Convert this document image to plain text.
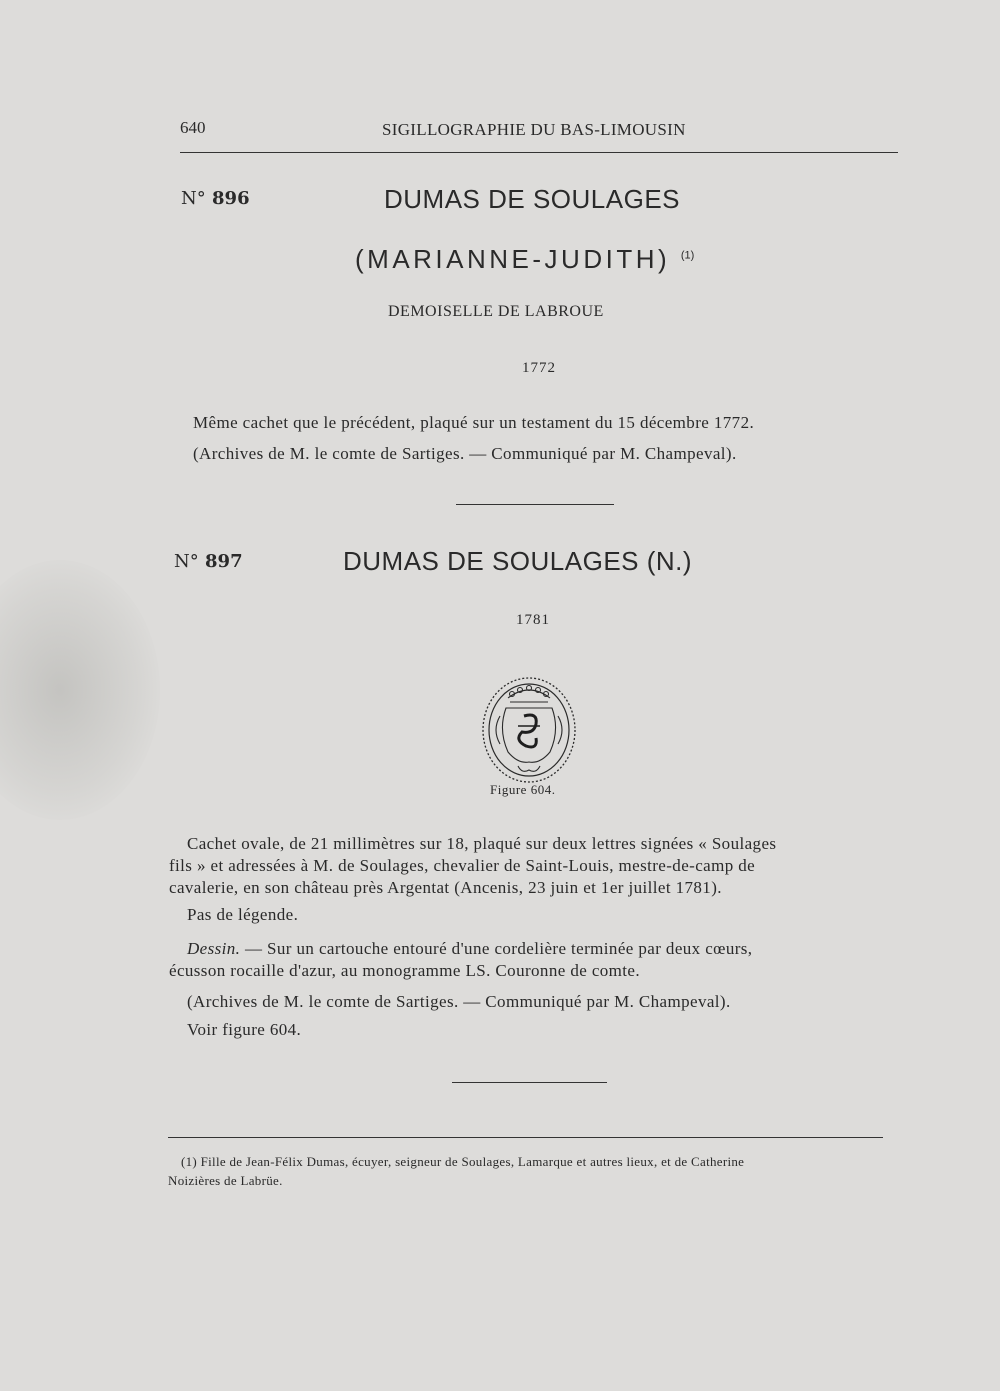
640	SIGILLOGRAPHIE DU BAS-LIMOUSIN
N° 896	DUMAS DE SOULAGES
(MARIANNE-JUDITH) $^{(1)}$
DEMOISELLE DE LABROUE
1772
Même cachet que le précédent, plaqué sur un testament du 15 décembre 1772.
(Archives de M. le comte de Sartiges. — Communiqué par M. Champeval).
N° 897	DUMAS DE SOULAGES (N.)
1781
Figure 604.
Cachet ovale, de 21 millimètres sur 18, plaqué sur deux lettres signées « Soulages
fils » et adressées à M. de Soulages, chevalier de Saint-Louis, mestre-de-camp de
cavalerie, en son château près Argentat (Ancenis, 23 juin et 1er juillet 1781).
Pas de légende.
Dessin. — Sur un cartouche entouré d'une cordelière terminée par deux cœurs,
écusson rocaille d'azur, au monogramme LS. Couronne de comte.
(Archives de M. le comte de Sartiges. — Communiqué par M. Champeval).
Voir figure 604.
(1) Fille de Jean-Félix Dumas, écuyer, seigneur de Soulages, Lamarque et autres lieux, et de Catherine
Noizières de Labrüe.
